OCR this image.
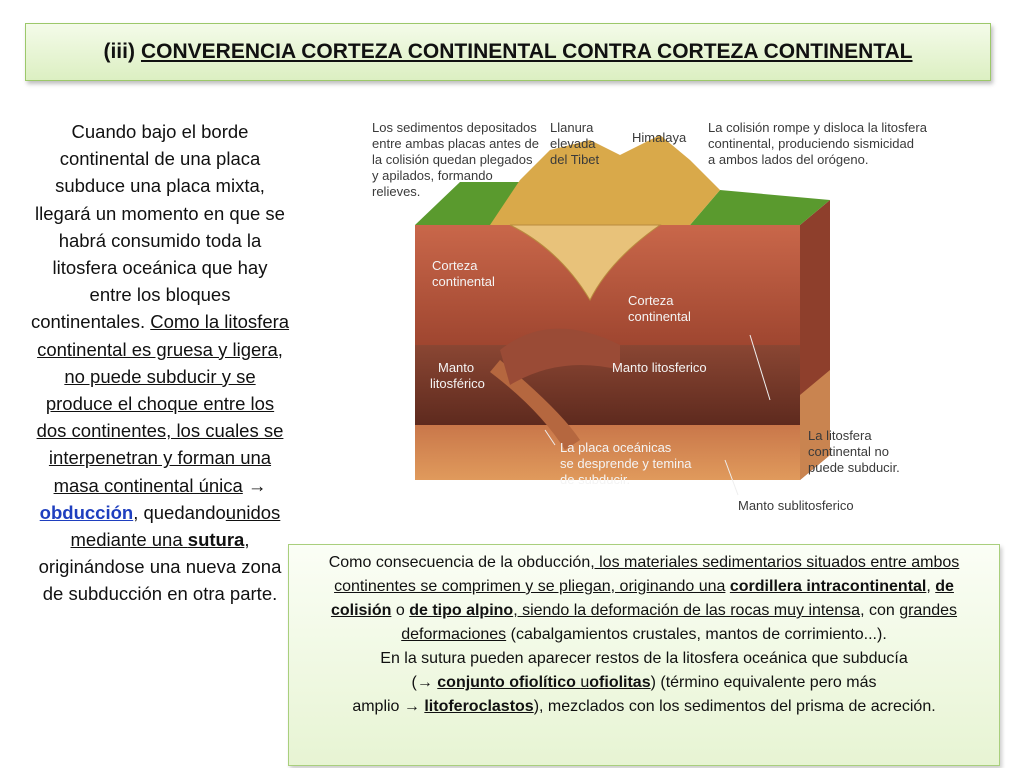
(iii) CONVERENCIA CORTEZA CONTINENTAL CONTRA CORTEZA CONTINENTAL
Cuando bajo el borde continental de una placa subduce una placa mixta, llegará un momento en que se habrá consumido toda la litosfera oceánica que hay entre los bloques continentales. Como la litosfera continental es gruesa y ligera, no puede subducir y se produce el choque entre los dos continentes, los cuales se interpenetran y forman una masa continental única → obducción, quedandounidos mediante una sutura, originándose una nueva zona de subducción en otra parte.
Los sedimentos depositados
entre ambas placas antes de
la colisión quedan plegados
y apilados, formando
relieves.
Llanura
elevada
del Tibet
Himalaya
La colisión rompe y disloca la litosfera
continental, produciendo sismicidad
a ambos lados del orógeno.
Corteza
continental
Corteza
continental
Manto
litosférico
Manto litosferico
La placa oceánicas
se desprende y temina
de subducir.
La litosfera
continental no
puede subducir.
Manto sublitosferico
Como consecuencia de la obducción, los materiales sedimentarios situados entre ambos continentes se comprimen y se pliegan, originando una cordillera intracontinental, de colisión o de tipo alpino, siendo la deformación de las rocas muy intensa, con grandes deformaciones (cabalgamientos crustales, mantos de corrimiento...).
En la sutura pueden aparecer restos de la litosfera oceánica que subducía
(→ conjunto ofiolítico uofiolitas) (término equivalente pero más
amplio → litoferoclastos), mezclados con los sedimentos del prisma de acreción.
